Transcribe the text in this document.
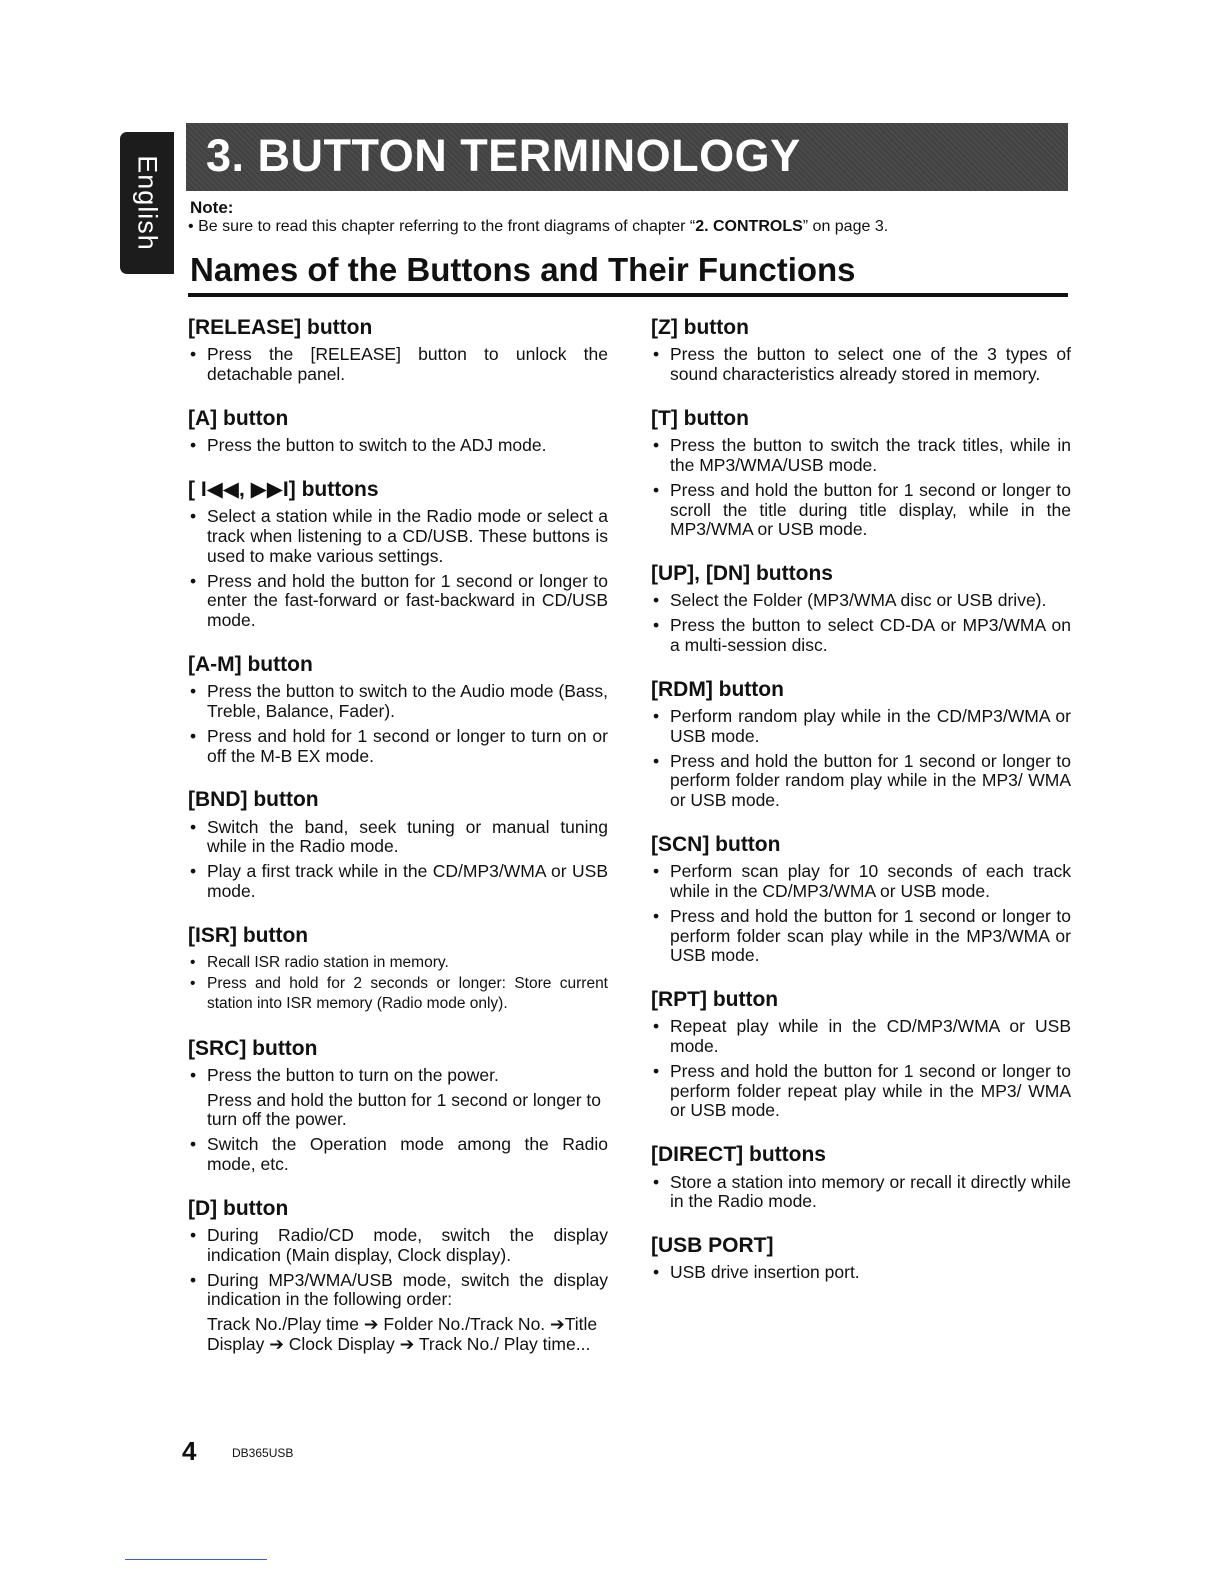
English 3. BUTTON TERMINOLOGY
Note:
• Be sure to read this chapter referring to the front diagrams of chapter “2. CONTROLS” on page 3.
Names of the Buttons and Their Functions
[RELEASE] button
• Press the [RELEASE] button to unlock the detachable panel.
[A] button
• Press the button to switch to the ADJ mode.
[ I◀◀, ▶▶I] buttons
• Select a station while in the Radio mode or select a track when listening to a CD/USB. These buttons is used to make various settings.
• Press and hold the button for 1 second or longer to enter the fast-forward or fast-backward in CD/USB mode.
[A-M] button
• Press the button to switch to the Audio mode (Bass, Treble, Balance, Fader).
• Press and hold for 1 second or longer to turn on or off the M-B EX mode.
[BND] button
• Switch the band, seek tuning or manual tuning while in the Radio mode.
• Play a first track while in the CD/MP3/WMA or USB mode.
[ISR] button
• Recall ISR radio station in memory.
• Press and hold for 2 seconds or longer: Store current station into ISR memory (Radio mode only).
[SRC] button
• Press the button to turn on the power.
Press and hold the button for 1 second or longer to turn off the power.
• Switch the Operation mode among the Radio mode, etc.
[D] button
• During Radio/CD mode, switch the display indication (Main display, Clock display).
• During MP3/WMA/USB mode, switch the display indication in the following order:
Track No./Play time ➔ Folder No./Track No. ➔Title Display ➔ Clock Display ➔ Track No./ Play time...
[Z] button
• Press the button to select one of the 3 types of sound characteristics already stored in memory.
[T] button
• Press the button to switch the track titles, while in the MP3/WMA/USB mode.
• Press and hold the button for 1 second or longer to scroll the title during title display, while in the MP3/WMA or USB mode.
[UP], [DN] buttons
• Select the Folder (MP3/WMA disc or USB drive).
• Press the button to select CD-DA or MP3/WMA on a multi-session disc.
[RDM] button
• Perform random play while in the CD/MP3/WMA or USB mode.
• Press and hold the button for 1 second or longer to perform folder random play while in the MP3/ WMA or USB mode.
[SCN] button
• Perform scan play for 10 seconds of each track while in the CD/MP3/WMA or USB mode.
• Press and hold the button for 1 second or longer to perform folder scan play while in the MP3/WMA or USB mode.
[RPT] button
• Repeat play while in the CD/MP3/WMA or USB mode.
• Press and hold the button for 1 second or longer to perform folder repeat play while in the MP3/ WMA or USB mode.
[DIRECT] buttons
• Store a station into memory or recall it directly while in the Radio mode.
[USB PORT]
• USB drive insertion port.
4	DB365USB
